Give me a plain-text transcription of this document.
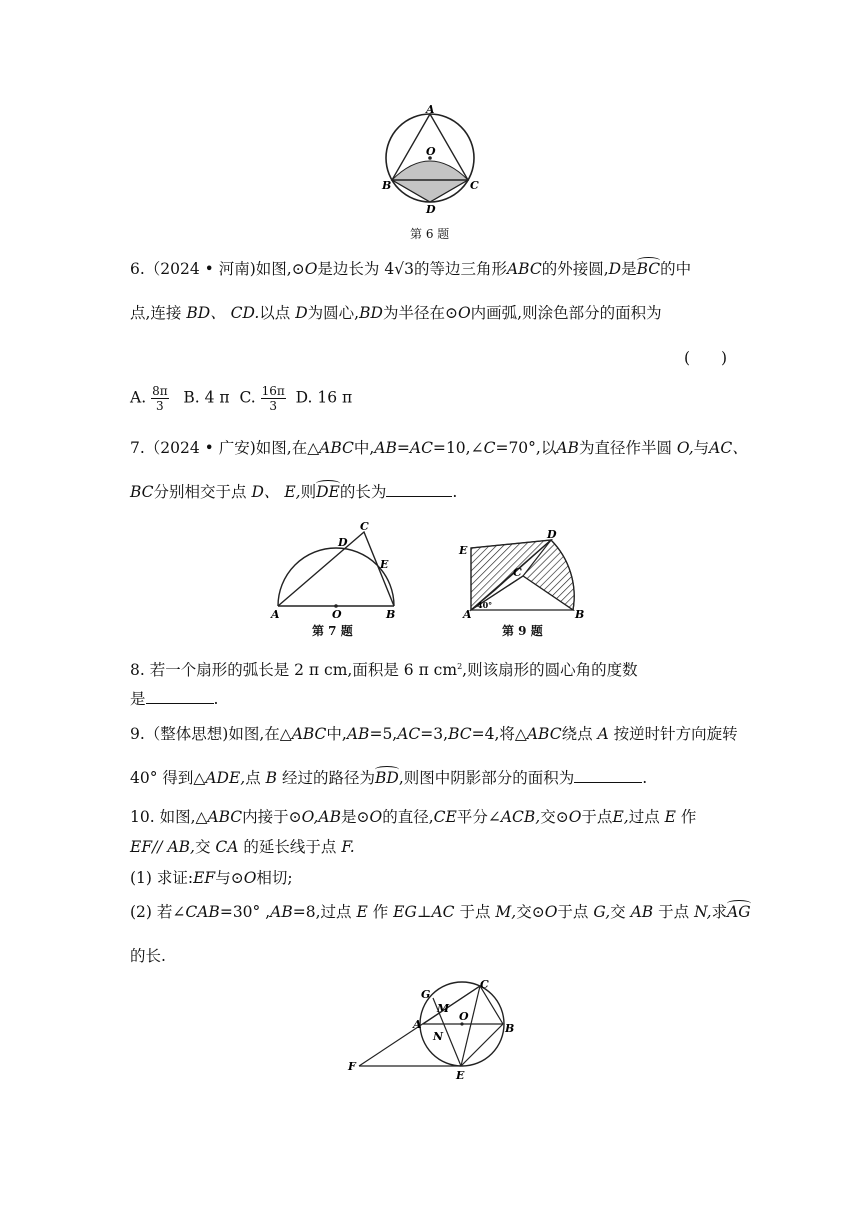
A
O
B	C
D
第 6 题
6.（2024 • 河南)如图,⊙O是边长为 4√3的等边三角形ABC的外接圆,D是BC的中
点,连接 BD、 CD.以点 D为圆心,BD为半径在⊙O内画弧,则涂色部分的面积为
(　　)
A. $\frac{8\pi}{3} B$. 4 π C. $\frac{16\pi}{3} D$. 16 π
7.（2024 • 广安)如图,在△ABC中,AB=AC=10,∠C=70°,以AB为直径作半圆 O,与AC、
BC分别相交于点 D、 E,则DE的长为	.
C
D
E
A	O	B
第 7 题
E
D
C
A	B
40°
第 9 题
8. 若一个扇形的弧长是 2 π cm,面积是 6 π $cm^2$,则该扇形的圆心角的度数
是	.
9.（整体思想)如图,在△ABC中,AB=5,AC=3,BC=4,将△ABC绕点 A 按逆时针方向旋转
40° 得到△ADE,点 B 经过的路径为BD,则图中阴影部分的面积为	.
10. 如图,△ABC内接于⊙O,AB是⊙O的直径,CE平分∠ACB,交⊙O于点E,过点 E 作
EF// AB,交 CA 的延长线于点 F.
(1) 求证:EF与⊙O相切;
(2) 若∠CAB=30° ,AB=8,过点 E 作 EG⊥AC 于点 M,交⊙O于点 G,交 AB 于点 N,求AG
的长.
C
G
M
A
O
B
N
F
E
